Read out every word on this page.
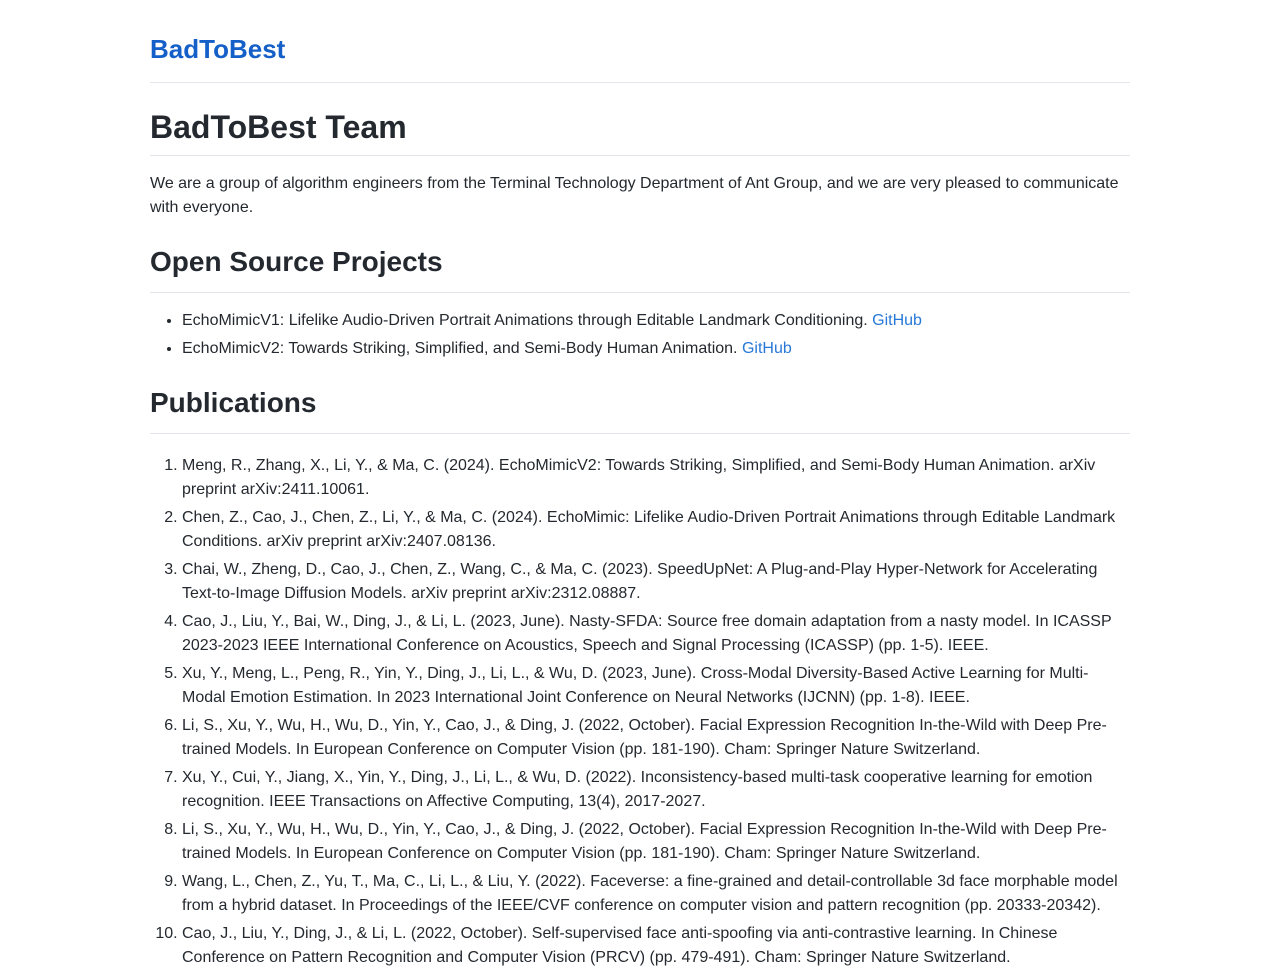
BadToBest
BadToBest Team

We are a group of algorithm engineers from the Terminal Technology Department of Ant Group, and we are very pleased to communicate with everyone.

Open Source Projects
• EchoMimicV1: Lifelike Audio-Driven Portrait Animations through Editable Landmark Conditioning. GitHub
• EchoMimicV2: Towards Striking, Simplified, and Semi-Body Human Animation. GitHub
Publications
1. Meng, R., Zhang, X., Li, Y., & Ma, C. (2024). EchoMimicV2: Towards Striking, Simplified, and Semi-Body Human Animation. arXiv preprint arXiv:2411.10061.
2. Chen, Z., Cao, J., Chen, Z., Li, Y., & Ma, C. (2024). EchoMimic: Lifelike Audio-Driven Portrait Animations through Editable Landmark Conditions. arXiv preprint arXiv:2407.08136.
3. Chai, W., Zheng, D., Cao, J., Chen, Z., Wang, C., & Ma, C. (2023). SpeedUpNet: A Plug-and-Play Hyper-Network for Accelerating Text-to-Image Diffusion Models. arXiv preprint arXiv:2312.08887.
4. Cao, J., Liu, Y., Bai, W., Ding, J., & Li, L. (2023, June). Nasty-SFDA: Source free domain adaptation from a nasty model. In ICASSP 2023-2023 IEEE International Conference on Acoustics, Speech and Signal Processing (ICASSP) (pp. 1-5). IEEE.
5. Xu, Y., Meng, L., Peng, R., Yin, Y., Ding, J., Li, L., & Wu, D. (2023, June). Cross-Modal Diversity-Based Active Learning for Multi-Modal Emotion Estimation. In 2023 International Joint Conference on Neural Networks (IJCNN) (pp. 1-8). IEEE.
6. Li, S., Xu, Y., Wu, H., Wu, D., Yin, Y., Cao, J., & Ding, J. (2022, October). Facial Expression Recognition In-the-Wild with Deep Pre-trained Models. In European Conference on Computer Vision (pp. 181-190). Cham: Springer Nature Switzerland.
7. Xu, Y., Cui, Y., Jiang, X., Yin, Y., Ding, J., Li, L., & Wu, D. (2022). Inconsistency-based multi-task cooperative learning for emotion recognition. IEEE Transactions on Affective Computing, 13(4), 2017-2027.
8. Li, S., Xu, Y., Wu, H., Wu, D., Yin, Y., Cao, J., & Ding, J. (2022, October). Facial Expression Recognition In-the-Wild with Deep Pre-trained Models. In European Conference on Computer Vision (pp. 181-190). Cham: Springer Nature Switzerland.
9. Wang, L., Chen, Z., Yu, T., Ma, C., Li, L., & Liu, Y. (2022). Faceverse: a fine-grained and detail-controllable 3d face morphable model from a hybrid dataset. In Proceedings of the IEEE/CVF conference on computer vision and pattern recognition (pp. 20333-20342).
10. Cao, J., Liu, Y., Ding, J., & Li, L. (2022, October). Self-supervised face anti-spoofing via anti-contrastive learning. In Chinese Conference on Pattern Recognition and Computer Vision (PRCV) (pp. 479-491). Cham: Springer Nature Switzerland.
